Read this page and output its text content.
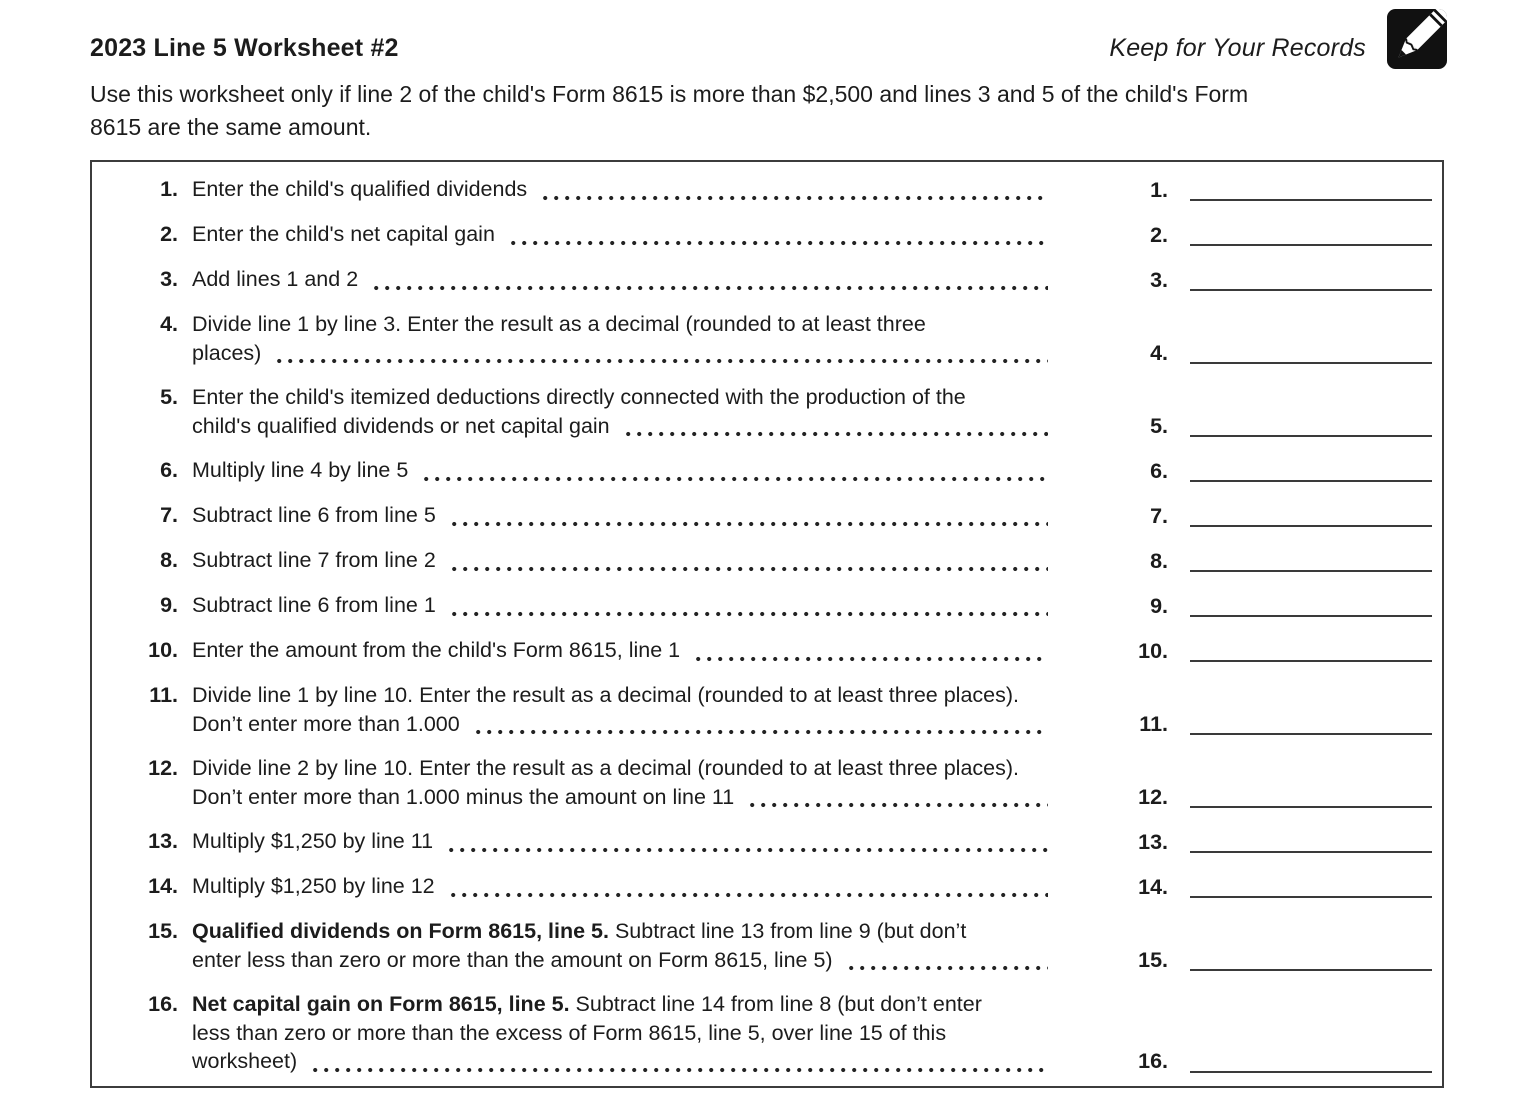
2023 Line 5 Worksheet #2	Keep for Your Records
Use this worksheet only if line 2 of the child's Form 8615 is more than $2,500 and lines 3 and 5 of the child's Form
8615 are the same amount.
1. Enter the child's qualified dividends	1.
2. Enter the child's net capital gain	2.
3. Add lines 1 and 2	3.
4. Divide line 1 by line 3. Enter the result as a decimal (rounded to at least three
places)	4.
5. Enter the child's itemized deductions directly connected with the production of the
child's qualified dividends or net capital gain	5.
6. Multiply line 4 by line 5	6.
7. Subtract line 6 from line 5	7.
8. Subtract line 7 from line 2	8.
9. Subtract line 6 from line 1	9.
10. Enter the amount from the child's Form 8615, line 1	10.
11. Divide line 1 by line 10. Enter the result as a decimal (rounded to at least three places).
Don’t enter more than 1.000	11.
12. Divide line 2 by line 10. Enter the result as a decimal (rounded to at least three places).
Don’t enter more than 1.000 minus the amount on line 11	12.
13. Multiply $1,250 by line 11	13.
14. Multiply $1,250 by line 12	14.
15. Qualified dividends on Form 8615, line 5. Subtract line 13 from line 9 (but don’t
enter less than zero or more than the amount on Form 8615, line 5)	15.
16. Net capital gain on Form 8615, line 5. Subtract line 14 from line 8 (but don’t enter
less than zero or more than the excess of Form 8615, line 5, over line 15 of this
worksheet)	16.
